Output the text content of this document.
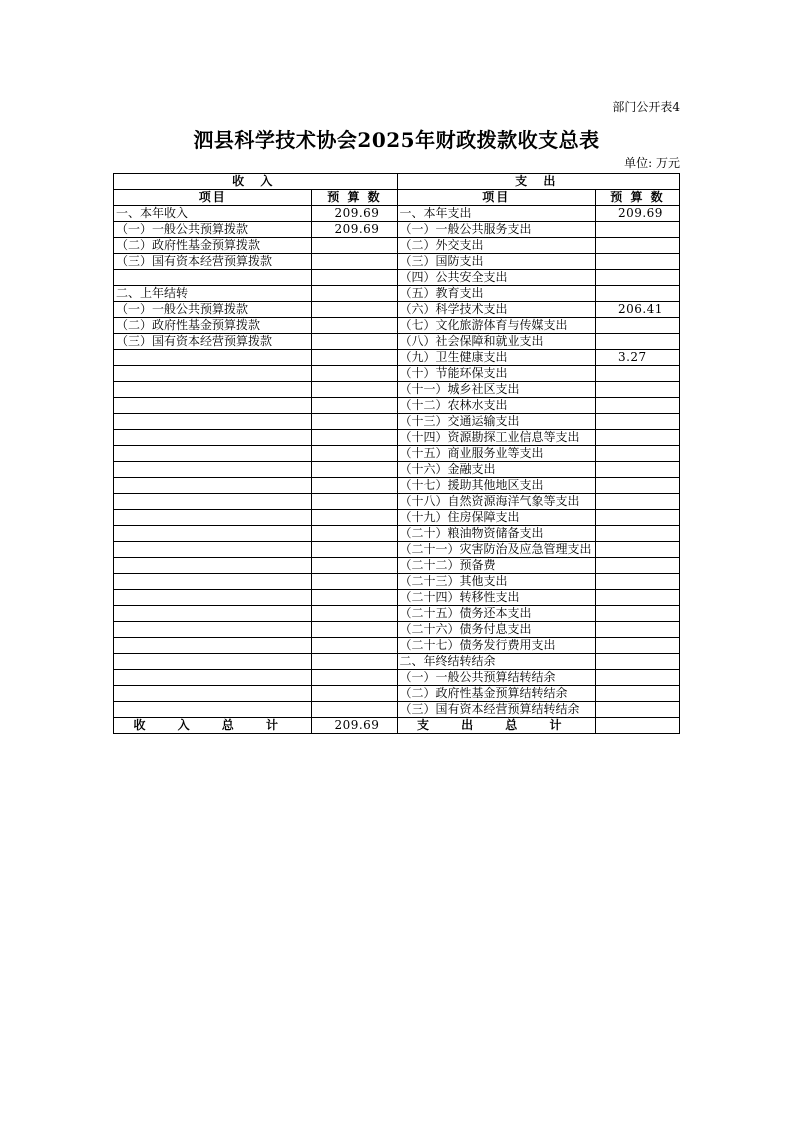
部门公开表4
泗县科学技术协会2025年财政拨款收支总表
单位: 万元
收 入		支 出	
项目	预 算 数	项目	预 算 数
一、本年收入	209.69	一、本年支出	209.69
（一）一般公共预算拨款	209.69	（一）一般公共服务支出	
（二）政府性基金预算拨款		（二）外交支出	
（三）国有资本经营预算拨款		（三）国防支出	
		（四）公共安全支出	
二、上年结转		（五）教育支出	
（一）一般公共预算拨款		（六）科学技术支出	206.41
（二）政府性基金预算拨款		（七）文化旅游体育与传媒支出	
（三）国有资本经营预算拨款		（八）社会保障和就业支出	
		（九）卫生健康支出	3.27
		（十）节能环保支出	
		（十一）城乡社区支出	
		（十二）农林水支出	
		（十三）交通运输支出	
		（十四）资源勘探工业信息等支出	
		（十五）商业服务业等支出	
		（十六）金融支出	
		（十七）援助其他地区支出	
		（十八）自然资源海洋气象等支出	
		（十九）住房保障支出	
		（二十）粮油物资储备支出	
		（二十一）灾害防治及应急管理支出	
		（二十二）预备费	
		（二十三）其他支出	
		（二十四）转移性支出	
		（二十五）债务还本支出	
		（二十六）债务付息支出	
		（二十七）债务发行费用支出	
		二、年终结转结余	
		（一）一般公共预算结转结余	
		（二）政府性基金预算结转结余	
		（三）国有资本经营预算结转结余	
收 入 总 计	209.69	支 出 总 计	
